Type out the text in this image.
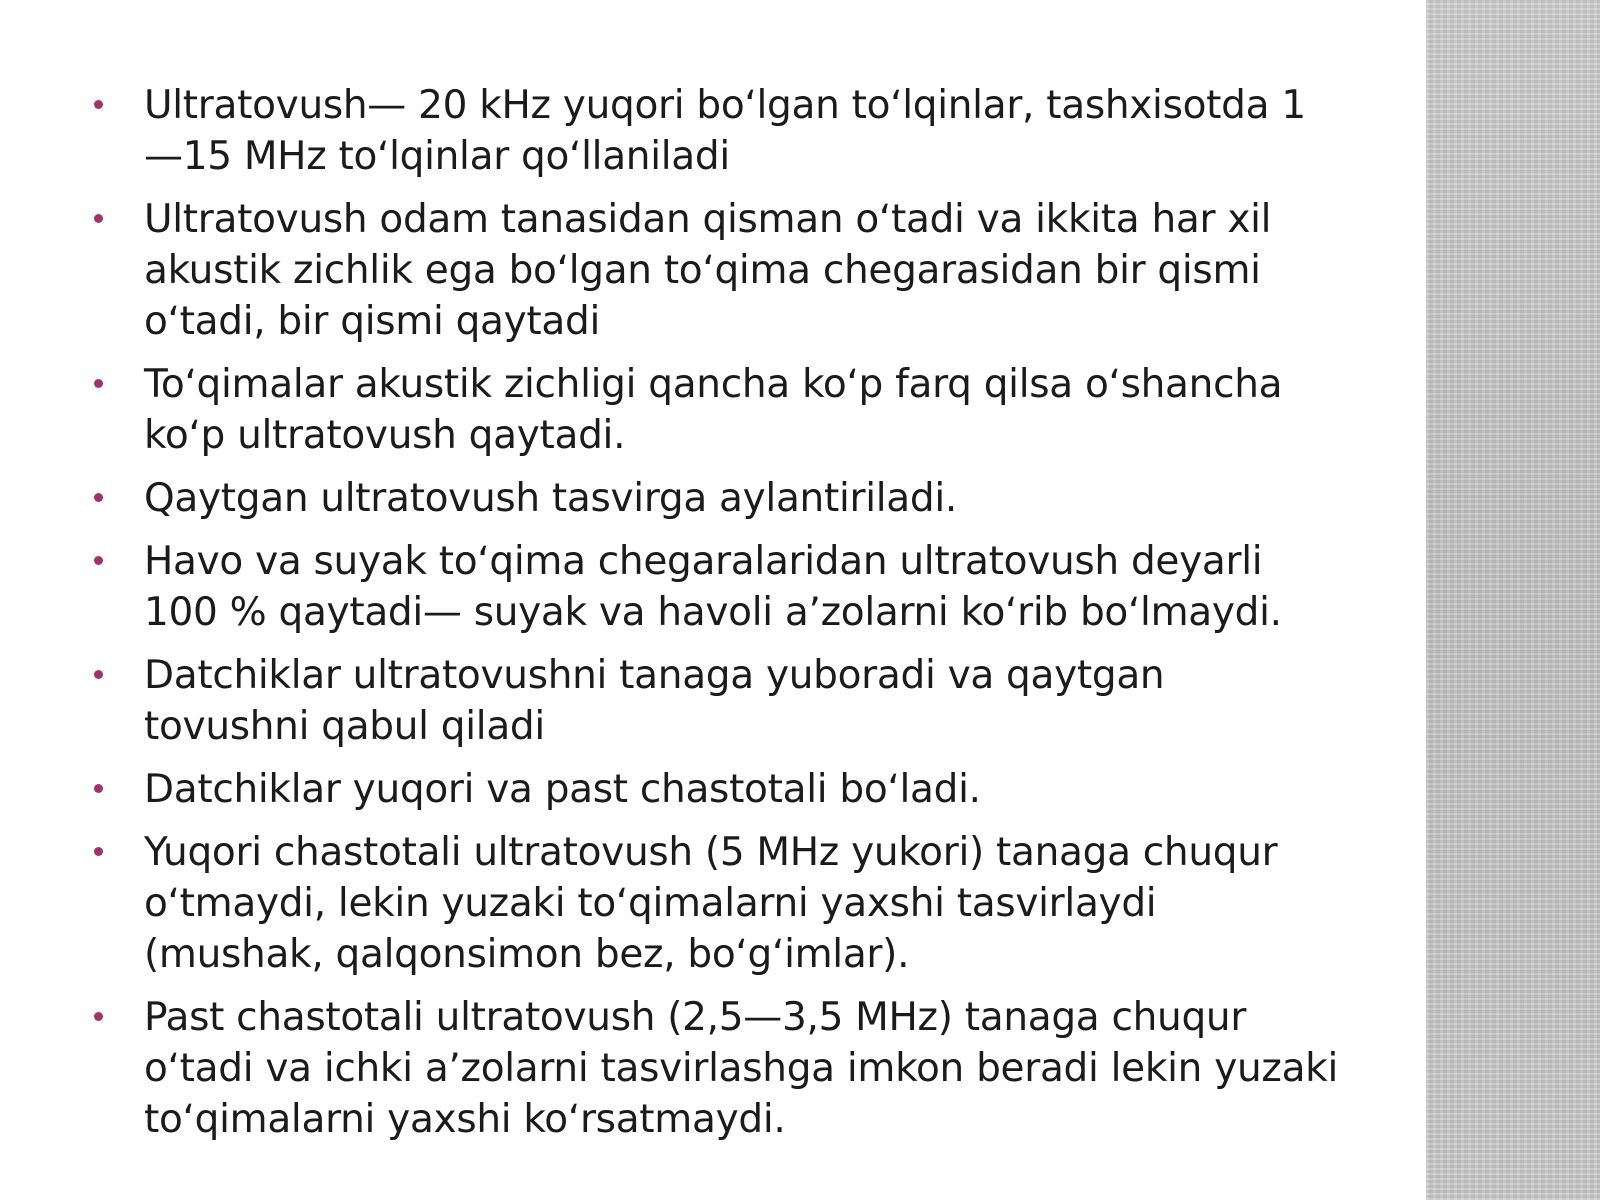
Ultratovush— 20 kHz yuqori bo‘lgan to‘lqinlar, tashxisotda 1 —15 MHz to‘lqinlar qo‘llaniladi
Ultratovush odam tanasidan qisman o‘tadi va ikkita har xil akustik zichlik ega bo‘lgan to‘qima chegarasidan bir qismi o‘tadi, bir qismi qaytadi
To‘qimalar akustik zichligi qancha ko‘p farq qilsa o‘shancha ko‘p ultratovush qaytadi.
Qaytgan ultratovush tasvirga aylantiriladi.
Havo va suyak to‘qima chegaralaridan ultratovush deyarli 100 % qaytadi— suyak va havoli a’zolarni ko‘rib bo‘lmaydi.
Datchiklar ultratovushni tanaga yuboradi va qaytgan tovushni qabul qiladi
Datchiklar yuqori va past chastotali bo‘ladi.
Yuqori chastotali ultratovush (5 MHz yukori) tanaga chuqur o‘tmaydi, lekin yuzaki to‘qimalarni yaxshi tasvirlaydi (mushak, qalqonsimon bez, bo‘g‘imlar).
Past chastotali ultratovush (2,5—3,5 MHz) tanaga chuqur o‘tadi va ichki a’zolarni tasvirlashga imkon beradi lekin yuzaki to‘qimalarni yaxshi ko‘rsatmaydi.
